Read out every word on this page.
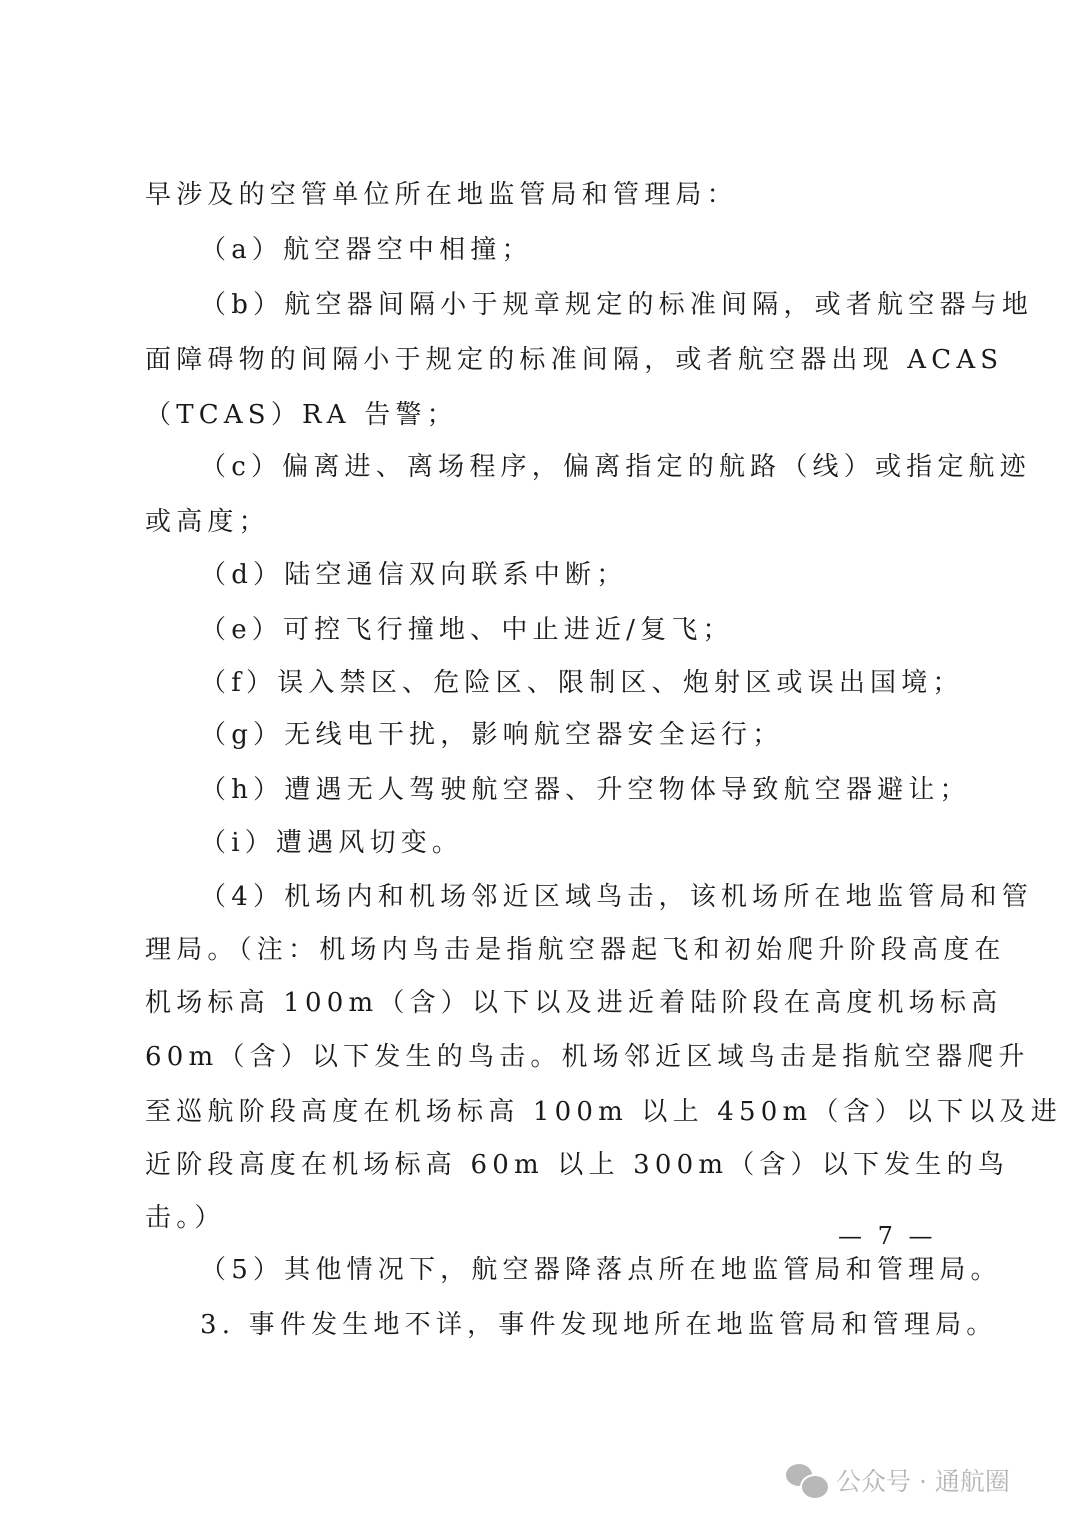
早涉及的空管单位所在地监管局和管理局：
（a）航空器空中相撞；
（b）航空器间隔小于规章规定的标准间隔，或者航空器与地
面障碍物的间隔小于规定的标准间隔，或者航空器出现 ACAS
（TCAS）RA 告警；
（c）偏离进、离场程序，偏离指定的航路（线）或指定航迹
或高度；
（d）陆空通信双向联系中断；
（e）可控飞行撞地、中止进近/复飞；
（f）误入禁区、危险区、限制区、炮射区或误出国境；
（g）无线电干扰，影响航空器安全运行；
（h）遭遇无人驾驶航空器、升空物体导致航空器避让；
（i）遭遇风切变。
（4）机场内和机场邻近区域鸟击，该机场所在地监管局和管
理局。（注：机场内鸟击是指航空器起飞和初始爬升阶段高度在
机场标高 100m（含）以下以及进近着陆阶段在高度机场标高
60m（含）以下发生的鸟击。机场邻近区域鸟击是指航空器爬升
至巡航阶段高度在机场标高 100m 以上 450m（含）以下以及进
近阶段高度在机场标高 60m 以上 300m（含）以下发生的鸟
击。）
（5）其他情况下，航空器降落点所在地监管局和管理局。
3. 事件发生地不详，事件发现地所在地监管局和管理局。
— 7 —
公众号 · 通航圈
